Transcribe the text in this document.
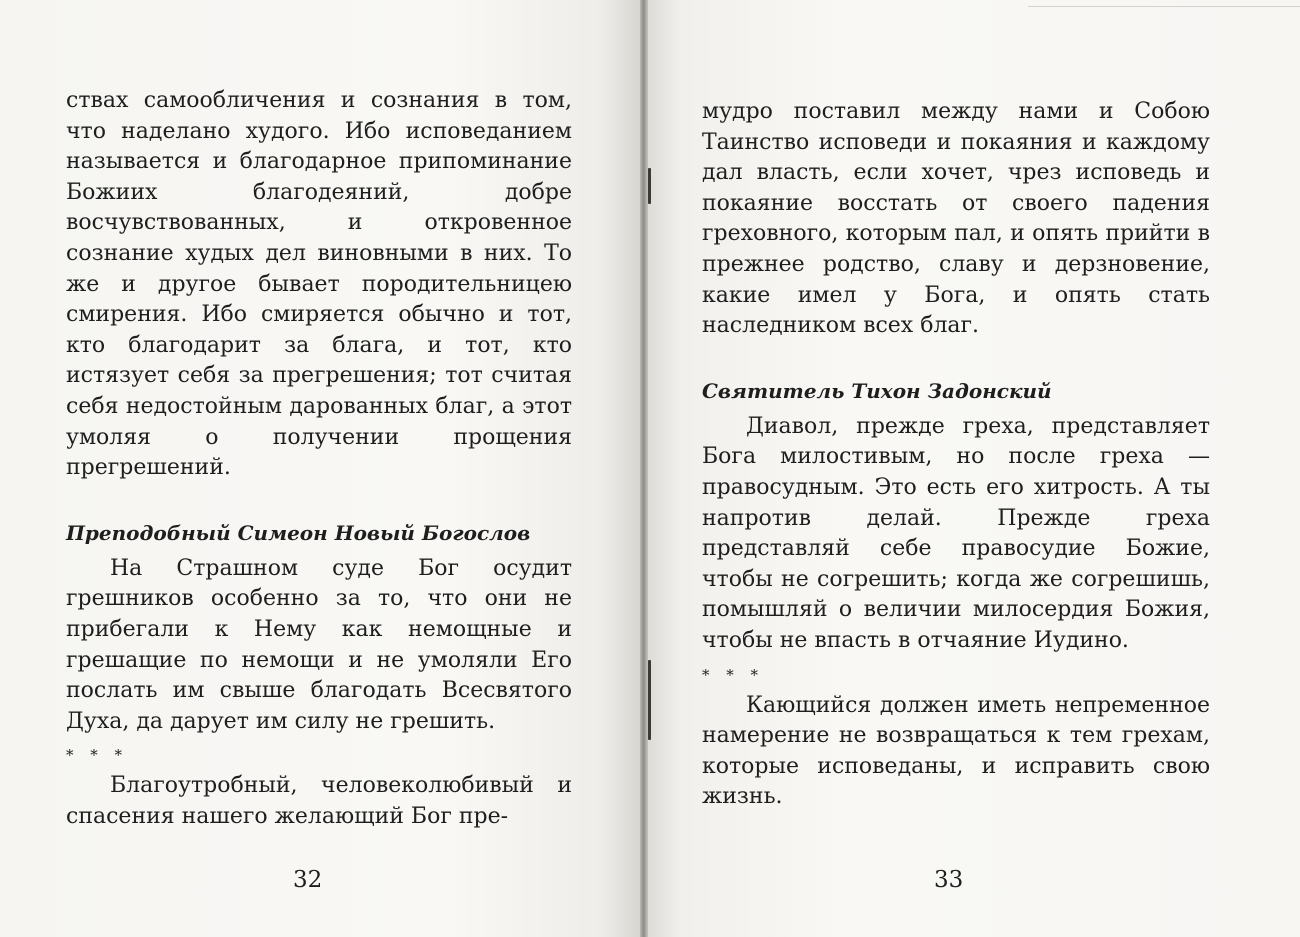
ствах самообличения и сознания в том, что наделано худого. Ибо исповеданием называется и благодарное припоминание Божиих благодеяний, добре восчувствованных, и откровенное сознание худых дел виновными в них. То же и другое бывает породительницею смирения. Ибо смиряется обычно и тот, кто благодарит за блага, и тот, кто истязует себя за прегрешения; тот считая себя недостойным дарованных благ, а этот умоляя о получении прощения прегрешений.

Преподобный Симеон Новый Богослов

На Страшном суде Бог осудит грешников особенно за то, что они не прибегали к Нему как немощные и грешащие по немощи и не умоляли Его послать им свыше благодать Всесвятого Духа, да дарует им силу не грешить.

* * *

Благоутробный, человеколюбивый и спасения нашего желающий Бог пре-

32

мудро поставил между нами и Собою Таинство исповеди и покаяния и каждому дал власть, если хочет, чрез исповедь и покаяние восстать от своего падения греховного, которым пал, и опять прийти в прежнее родство, славу и дерзновение, какие имел у Бога, и опять стать наследником всех благ.

Святитель Тихон Задонский

Диавол, прежде греха, представляет Бога милостивым, но после греха — правосудным. Это есть его хитрость. А ты напротив делай. Прежде греха представляй себе правосудие Божие, чтобы не согрешить; когда же согрешишь, помышляй о величии милосердия Божия, чтобы не впасть в отчаяние Иудино.

* * *

Кающийся должен иметь непременное намерение не возвращаться к тем грехам, которые исповеданы, и исправить свою жизнь.

33
